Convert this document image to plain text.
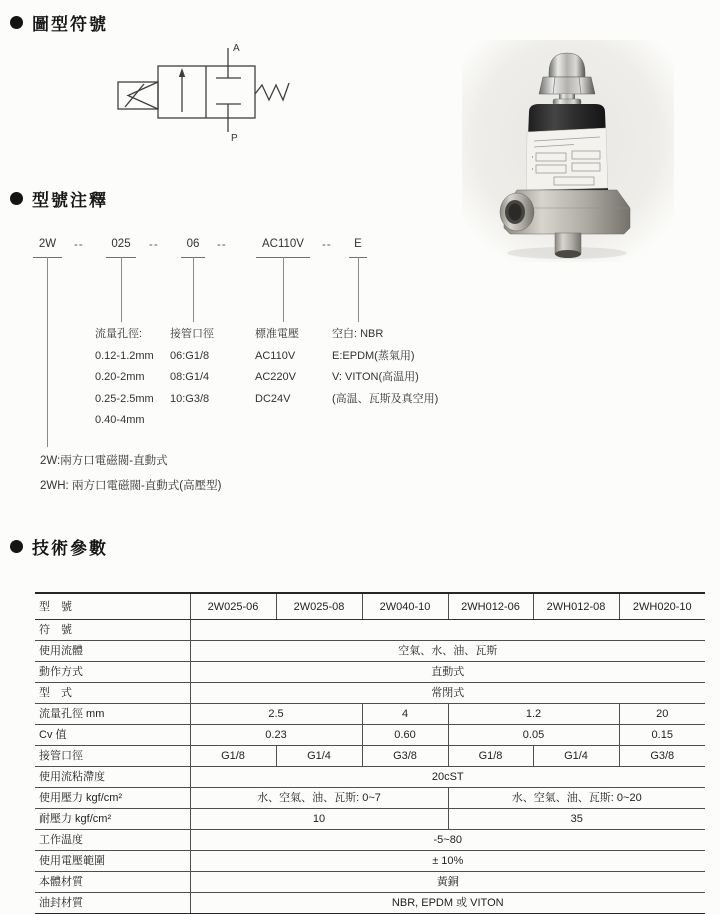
圖型符號
A
P
型號注釋
2W	--	025	--	06	--	AC110V	--	E
流量孔徑:
0.12-1.2mm
0.20-2mm
0.25-2.5mm
0.40-4mm
接管口徑
06:G1/8
08:G1/4
10:G3/8
標准電壓
AC110V
AC220V
DC24V
空白: NBR
E:EPDM(蒸氣用)
V: VITON(高温用)
(高温、瓦斯及真空用)
2W:兩方口電磁閥-直動式
2WH: 兩方口電磁閥-直動式(高壓型)
技術參數
型　號	2W025-06	2W025-08	2W040-10	2WH012-06	2WH012-08	2WH020-10
符　號						
使用流體	空氣、水、油、瓦斯					
動作方式	直動式					
型　式	常閉式					
流量孔徑 mm	2.5		4	1.2		20
Cv 值	0.23		0.60	0.05		0.15
接管口徑	G1/8	G1/4	G3/8	G1/8	G1/4	G3/8
使用流粘滯度	20cST					
使用壓力 kgf/cm²	水、空氣、油、瓦斯: 0~7			水、空氣、油、瓦斯: 0~20		
耐壓力 kgf/cm²	10			35		
工作温度	-5~80					
使用電壓範圍	± 10%					
本體材質	黃銅					
油封材質	NBR, EPDM 或 VITON					
